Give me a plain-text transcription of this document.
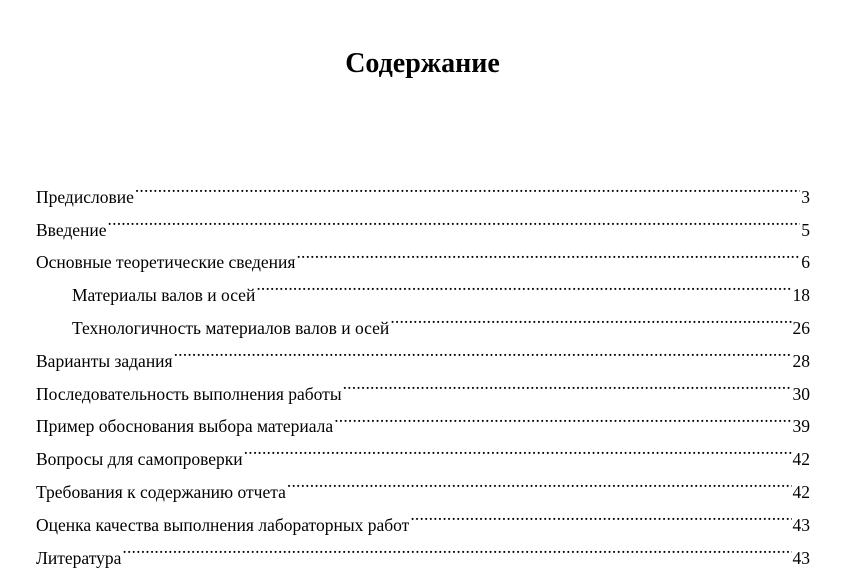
Содержание
Предисловие .....	3
Введение .....	5
Основные теоретические сведения .....	6
Материалы валов и осей .....	18
Технологичность материалов валов и осей .....	26
Варианты задания .....	28
Последовательность выполнения работы .....	30
Пример обоснования выбора материала .....	39
Вопросы для самопроверки .....	42
Требования к содержанию отчета .....	42
Оценка качества выполнения лабораторных работ .....	43
Литература .....	43
